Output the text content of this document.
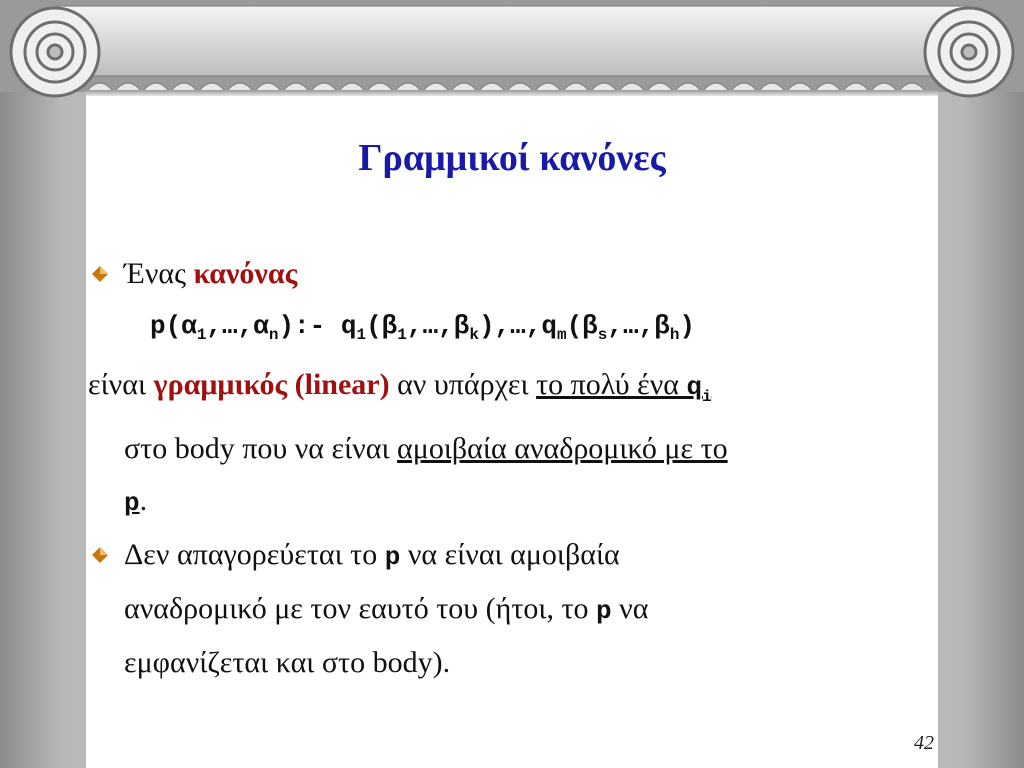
Γραμμικοί κανόνες
Ένας κανόνας
$p(\alpha_1,\dots,\alpha_n):-$ $q_1(\beta_1,\dots,\beta_k),\dots,q_m(\beta_s,\dots,\beta_h)$
είναι γραμμικός (linear) αν υπάρχει το πολύ ένα $q_i$
στο body που να είναι αμοιβαία αναδρομικό με το
p.
Δεν απαγορεύεται το p να είναι αμοιβαία
αναδρομικό με τον εαυτό του (ήτοι, το p να
εμφανίζεται και στο body).
42
